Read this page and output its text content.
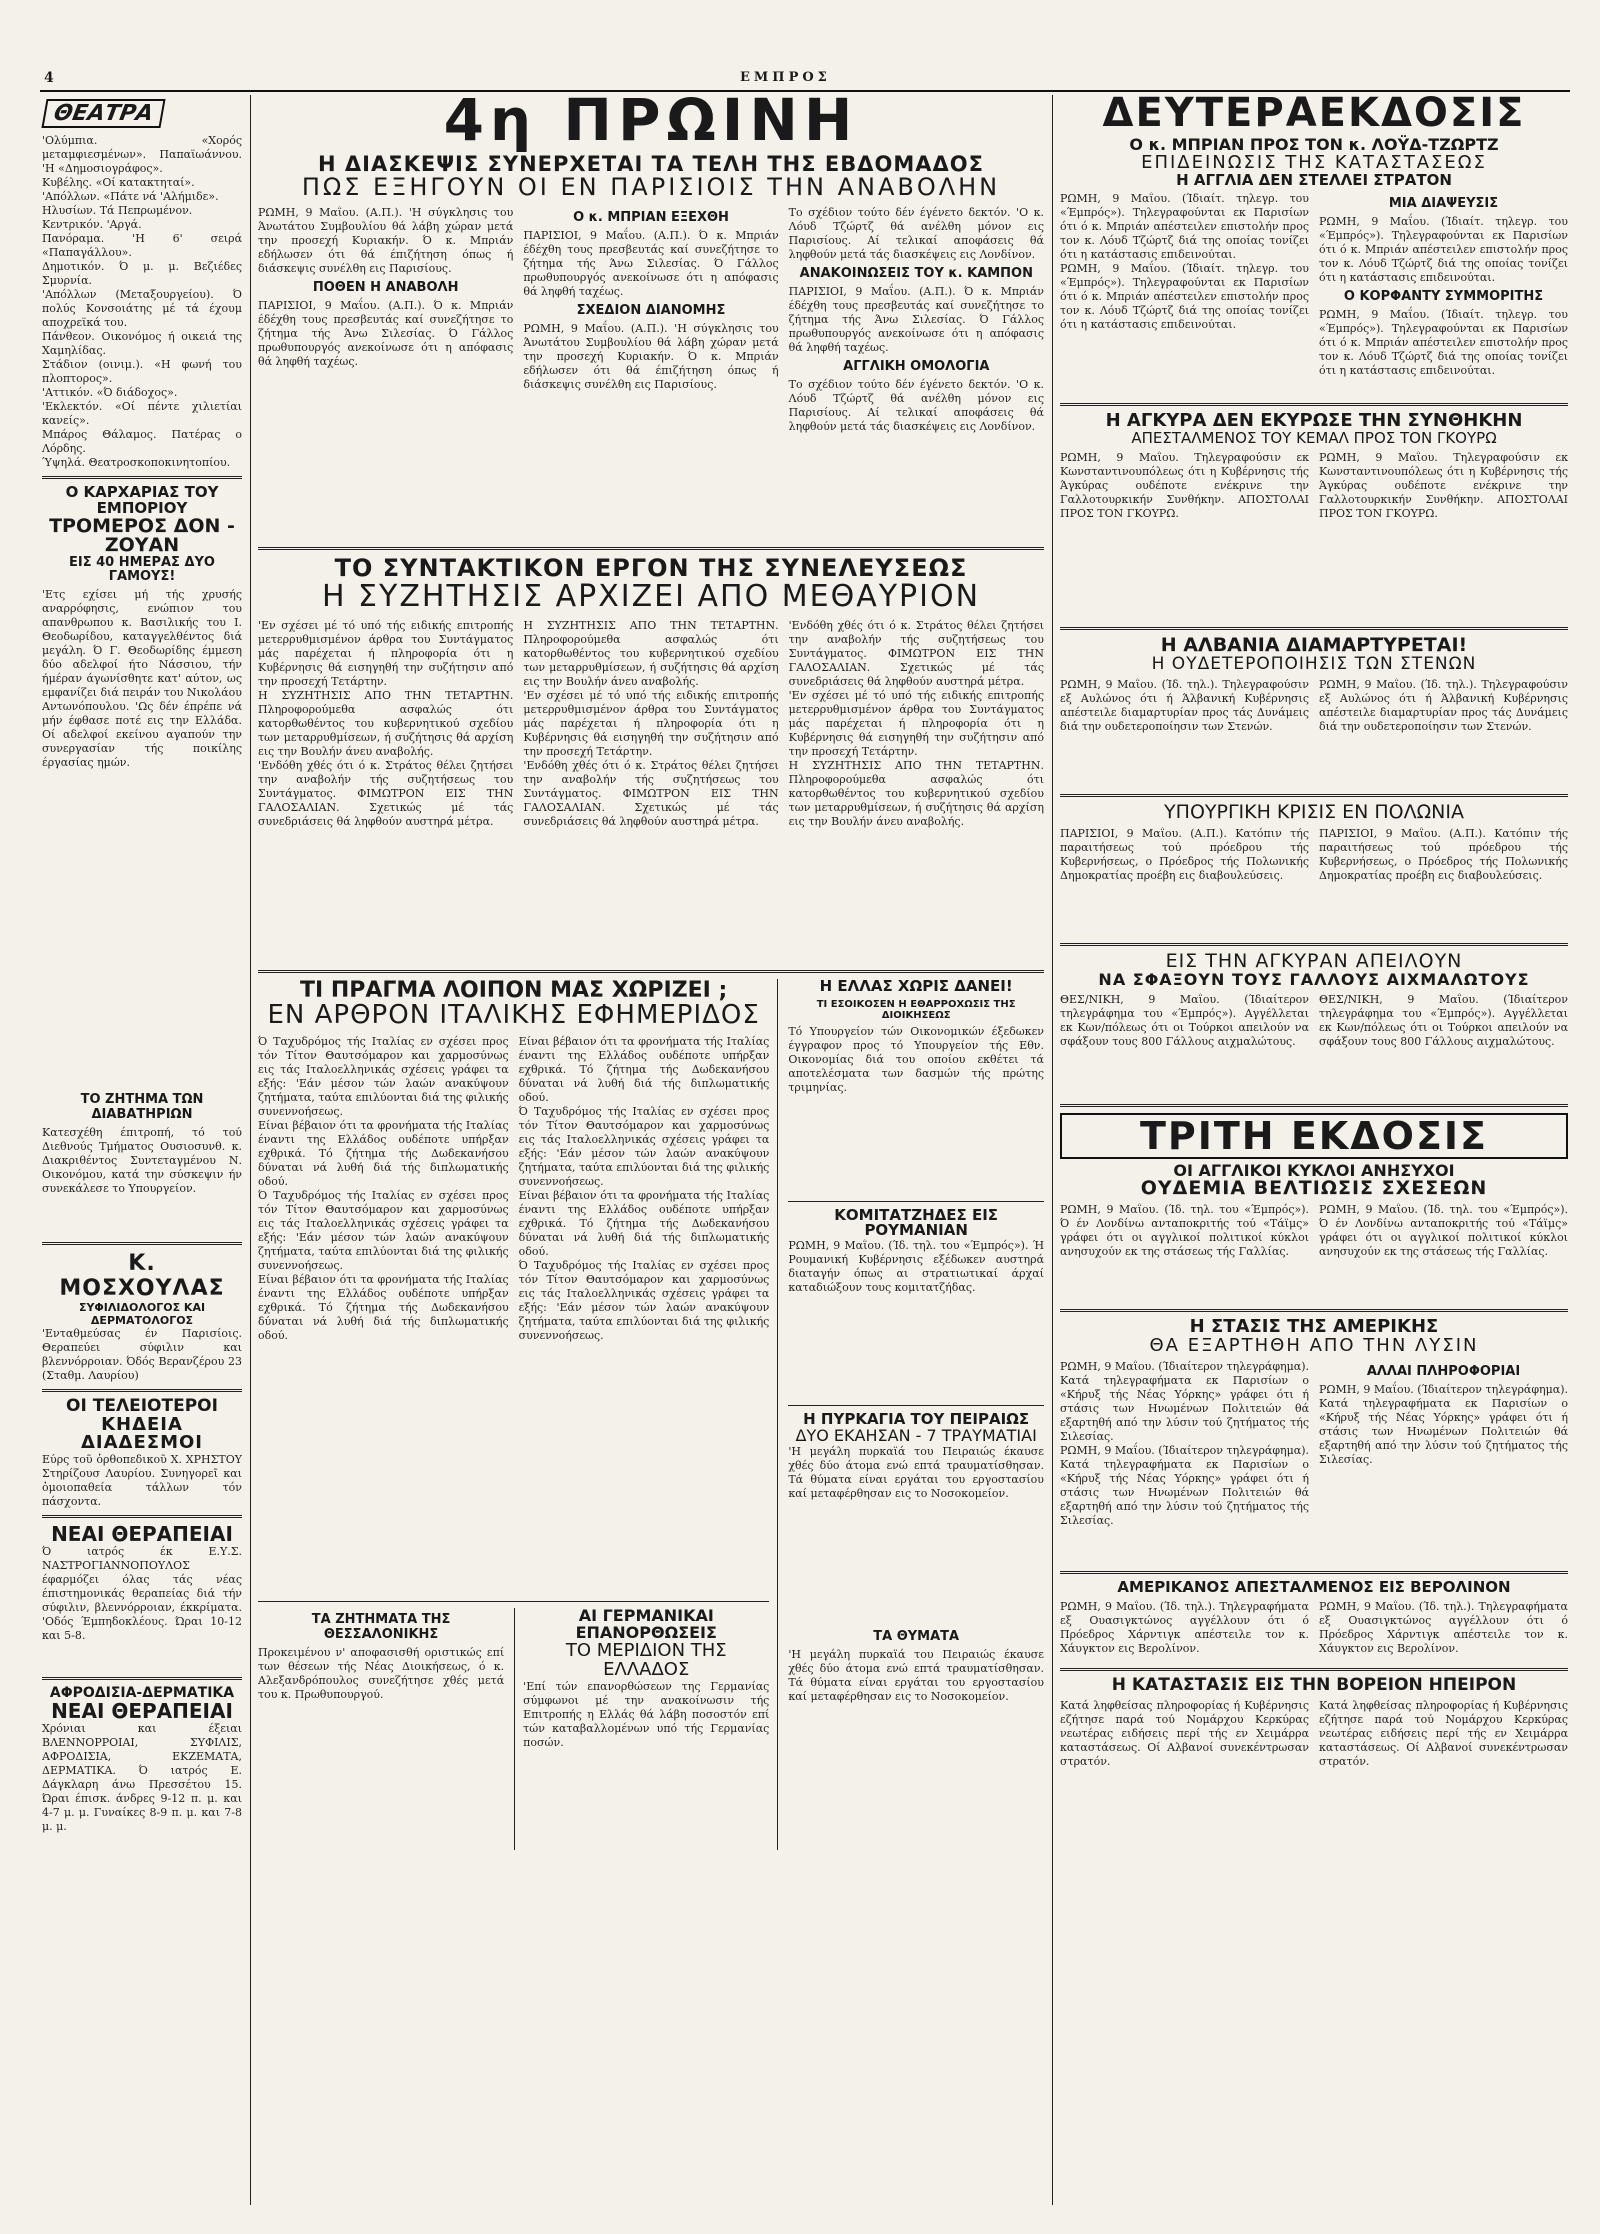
4	ΕΜΠΡΟΣ
ΘΕΑΤΡΑ
'Ολύμπια. «Χορός μεταμφιεσμένων». Παπαϊωάννου. 'Η «Δημοσιογράφος».
Κυβέλης. «Οί κατακτηταί».
'Απόλλων. «Πάτε νά 'Αλήμιδε».
Ηλυσίων. Τά Πεπρωμένον.
Κεντρικόν. 'Αργά.
Πανόραμα. 'Η 6' σειρά «Παπαγάλλου».
Δημοτικόν. Ό μ. μ. Βεζιέδες Σμυρνία.
'Απόλλων (Μεταξουργείου). Ό πολύς Κονσοιάτης μέ τά έχουμ αποχρεϊκά του.
Πάνθεον. Οικονόμος ή οικειά της Χαμηλίδας.
Στάδιον (οινιμ.). «Η φωνή του πλοπτορος».
'Αττικόν. «Ό διάδοχος».
'Εκλεκτόν. «Οί πέντε χιλιετίαι κανείς».
Μπάρος Θάλαμος. Πατέρας ο Λόρδης.
Ύψηλά. Θεατροσκοποκινητοπίου.
Ο ΚΑΡΧΑΡΙΑΣ ΤΟΥ ΕΜΠΟΡΙΟΥ
ΤΡΟΜΕΡΟΣ ΔΟΝ - ΖΟΥΑΝ
ΕΙΣ 40 ΗΜΕΡΑΣ ΔΥΟ ΓΑΜΟΥΣ!
'Ετς εχίσει μή τής χρυσής αναρρόφησις, ενώπιον του απανθρωπου κ. Βασιλικής του Ι. Θεοδωρίδου, καταγγελθέντος διά μεγάλη. Ό Γ. Θεοδωρίδης έμμεση δύο αδελφοί ήτο Νάσσιου, τήν ήμέραν άγωνίσθητε κατ' αύτον, ως εμφανίζει διά πειράν του Νικολάου Αντωνόπουλου. 'Ως δέν έπρέπε νά μήν έφθασε ποτέ εις την Ελλάδα. Οί αδελφοί εκείνου αγαπούν την συνεργασίαν τής ποικίλης έργασίας ημών.
ΤΟ ΖΗΤΗΜΑ ΤΩΝ ΔΙΑΒΑΤΗΡΙΩΝ
Κατεσχέθη έπιτροπή, τό τού Διεθνούς Τμήματος Ουσιοσυνθ. κ. Διακριθέντος Συντεταγμένου Ν. Οικονόμου, κατά την σύσκεψιν ήν συνεκάλεσε το Υπουργείον.
Κ. ΜΟΣΧΟΥΛΑΣ
ΣΥΦΙΛΙΔΟΛΟΓΟΣ ΚΑΙ ΔΕΡΜΑΤΟΛΟΓΟΣ
'Ενταθμεύσας έν Παρισίοις. Θεραπεύει σύφιλιν και βλεννόρροιαν. Όδός Βερανζέρου 23 (Σταθμ. Λαυρίου)
ΟΙ ΤΕΛΕΙΟΤΕΡΟΙ
ΚΗΔΕΙΑ ΔΙΑΔΕΣΜΟΙ
Εύρς τοῦ ὀρθοπεδικοῦ Χ. ΧΡΗΣΤΟΥ Στηρίζουσ Λαυρίου. Συνηγορεῖ και ὁμοιοπαθεία τάλλων τόν πάσχοντα.
ΝΕΑΙ ΘΕΡΑΠΕΙΑΙ
Ό ιατρός έκ Ε.Υ.Σ. ΝΑΣΤΡΟΓΙΑΝΝΟΠΟΥΛΟΣ έφαρμόζει όλας τάς νέας έπιστημονικάς θεραπείας διά τήν σύφιλιν, βλεννόρροιαν, έκκρίματα. 'Οδός Έμπηδοκλέους. Ώραι 10-12 και 5-8.
ΑΦΡΟΔΙΣΙΑ-ΔΕΡΜΑΤΙΚΑ
ΝΕΑΙ ΘΕΡΑΠΕΙΑΙ
Χρόνιαι και έξειαι ΒΛΕΝΝΟΡΡΟΙΑΙ, ΣΥΦΙΛΙΣ, ΑΦΡΟΔΙΣΙΑ, ΕΚΖΕΜΑΤΑ, ΔΕΡΜΑΤΙΚΑ. Ό ιατρός Ε. Δάγκλαρη άνω Πρεσσέτου 15. Ώραι έπισκ. άνδρες 9-12 π. μ. και 4-7 μ. μ. Γυναίκες 8-9 π. μ. και 7-8 μ. μ.
4η ΠΡΩΙΝΗ
Η ΔΙΑΣΚΕΨΙΣ ΣΥΝΕΡΧΕΤΑΙ ΤΑ ΤΕΛΗ ΤΗΣ ΕΒΔΟΜΑΔΟΣ
ΠΩΣ ΕΞΗΓΟΥΝ ΟΙ ΕΝ ΠΑΡΙΣΙΟΙΣ ΤΗΝ ΑΝΑΒΟΛΗΝ
ΡΩΜΗ, 9 Μαΐου. (Α.Π.). 'Η σύγκλησις του Άνωτάτου Συμβουλίου θά λάβη χώραν μετά την προσεχή Κυριακήν. Ό κ. Μπριάν εδήλωσεν ότι θά έπιζήτηση όπως ή διάσκεψις συνέλθη εις Παρισίους.
ΠΟΘΕΝ Η ΑΝΑΒΟΛΗ
ΠΑΡΙΣΙΟΙ, 9 Μαΐου. (Α.Π.). Ό κ. Μπριάν έδέχθη τους πρεσβευτάς καί συνεζήτησε το ζήτημα τής Άνω Σιλεσίας. Ό Γάλλος πρωθυπουργός ανεκοίνωσε ότι η απόφασις θά ληφθή ταχέως.
Ο κ. ΜΠΡΙΑΝ ΕΞΕΧΘΗ
ΠΑΡΙΣΙΟΙ, 9 Μαΐου. (Α.Π.). Ό κ. Μπριάν έδέχθη τους πρεσβευτάς καί συνεζήτησε το ζήτημα τής Άνω Σιλεσίας. Ό Γάλλος πρωθυπουργός ανεκοίνωσε ότι η απόφασις θά ληφθή ταχέως.
ΣΧΕΔΙΟΝ ΔΙΑΝΟΜΗΣ
ΡΩΜΗ, 9 Μαΐου. (Α.Π.). 'Η σύγκλησις του Άνωτάτου Συμβουλίου θά λάβη χώραν μετά την προσεχή Κυριακήν. Ό κ. Μπριάν εδήλωσεν ότι θά έπιζήτηση όπως ή διάσκεψις συνέλθη εις Παρισίους.
Το σχέδιον τούτο δέν έγένετο δεκτόν. 'Ο κ. Λόυδ Τζώρτζ θά ανέλθη μόνον εις Παρισίους. Αί τελικαί αποφάσεις θά ληφθούν μετά τάς διασκέψεις εις Λονδίνον.
ΑΝΑΚΟΙΝΩΣΕΙΣ ΤΟΥ κ. ΚΑΜΠΟΝ
ΠΑΡΙΣΙΟΙ, 9 Μαΐου. (Α.Π.). Ό κ. Μπριάν έδέχθη τους πρεσβευτάς καί συνεζήτησε το ζήτημα τής Άνω Σιλεσίας. Ό Γάλλος πρωθυπουργός ανεκοίνωσε ότι η απόφασις θά ληφθή ταχέως.
ΑΓΓΛΙΚΗ ΟΜΟΛΟΓΙΑ
Το σχέδιον τούτο δέν έγένετο δεκτόν. 'Ο κ. Λόυδ Τζώρτζ θά ανέλθη μόνον εις Παρισίους. Αί τελικαί αποφάσεις θά ληφθούν μετά τάς διασκέψεις εις Λονδίνον.
ΤΟ ΣΥΝΤΑΚΤΙΚΟΝ ΕΡΓΟΝ ΤΗΣ ΣΥΝΕΛΕΥΣΕΩΣ
Η ΣΥΖΗΤΗΣΙΣ ΑΡΧΙΖΕΙ ΑΠΟ ΜΕΘΑΥΡΙΟΝ
'Εν σχέσει μέ τό υπό τής ειδικής επιτροπής μετερρυθμισμένον άρθρα του Συντάγματος μάς παρέχεται ή πληροφορία ότι η Κυβέρνησις θά εισηγηθή την συζήτησιν από την προσεχή Τετάρτην.
Η ΣΥΖΗΤΗΣΙΣ ΑΠΟ ΤΗΝ ΤΕΤΑΡΤΗΝ. Πληροφορούμεθα ασφαλώς ότι κατορθωθέντος του κυβερνητικού σχεδίου των μεταρρυθμίσεων, ή συζήτησις θά αρχίση εις την Βουλήν άνευ αναβολής.
'Ενδόθη χθές ότι ό κ. Στράτος θέλει ζητήσει την αναβολήν τής συζητήσεως του Συντάγματος. ΦΙΜΩΤΡΟΝ ΕΙΣ ΤΗΝ ΓΑΛΟΣΑΛΙΑΝ. Σχετικώς μέ τάς συνεδριάσεις θά ληφθούν αυστηρά μέτρα.
Η ΣΥΖΗΤΗΣΙΣ ΑΠΟ ΤΗΝ ΤΕΤΑΡΤΗΝ. Πληροφορούμεθα ασφαλώς ότι κατορθωθέντος του κυβερνητικού σχεδίου των μεταρρυθμίσεων, ή συζήτησις θά αρχίση εις την Βουλήν άνευ αναβολής.
'Εν σχέσει μέ τό υπό τής ειδικής επιτροπής μετερρυθμισμένον άρθρα του Συντάγματος μάς παρέχεται ή πληροφορία ότι η Κυβέρνησις θά εισηγηθή την συζήτησιν από την προσεχή Τετάρτην.
'Ενδόθη χθές ότι ό κ. Στράτος θέλει ζητήσει την αναβολήν τής συζητήσεως του Συντάγματος. ΦΙΜΩΤΡΟΝ ΕΙΣ ΤΗΝ ΓΑΛΟΣΑΛΙΑΝ. Σχετικώς μέ τάς συνεδριάσεις θά ληφθούν αυστηρά μέτρα.
'Ενδόθη χθές ότι ό κ. Στράτος θέλει ζητήσει την αναβολήν τής συζητήσεως του Συντάγματος. ΦΙΜΩΤΡΟΝ ΕΙΣ ΤΗΝ ΓΑΛΟΣΑΛΙΑΝ. Σχετικώς μέ τάς συνεδριάσεις θά ληφθούν αυστηρά μέτρα.
'Εν σχέσει μέ τό υπό τής ειδικής επιτροπής μετερρυθμισμένον άρθρα του Συντάγματος μάς παρέχεται ή πληροφορία ότι η Κυβέρνησις θά εισηγηθή την συζήτησιν από την προσεχή Τετάρτην.
Η ΣΥΖΗΤΗΣΙΣ ΑΠΟ ΤΗΝ ΤΕΤΑΡΤΗΝ. Πληροφορούμεθα ασφαλώς ότι κατορθωθέντος του κυβερνητικού σχεδίου των μεταρρυθμίσεων, ή συζήτησις θά αρχίση εις την Βουλήν άνευ αναβολής.
ΤΙ ΠΡΑΓΜΑ ΛΟΙΠΟΝ ΜΑΣ ΧΩΡΙΖΕΙ ;
ΕΝ ΑΡΘΡΟΝ ΙΤΑΛΙΚΗΣ ΕΦΗΜΕΡΙΔΟΣ
Ό Ταχυδρόμος τής Ιταλίας εν σχέσει προς τόν Τίτον Θαυτσόμαρον και χαρμοσύνως εις τάς Ιταλοελληνικάς σχέσεις γράφει τα εξής: 'Εάν μέσον τών λαών ανακύψουν ζητήματα, ταύτα επιλύονται διά της φιλικής συνεννοήσεως.
Είναι βέβαιον ότι τα φρονήματα τής Ιταλίας έναντι της Ελλάδος ουδέποτε υπήρξαν εχθρικά. Τό ζήτημα τής Δωδεκανήσου δύναται νά λυθή διά τής διπλωματικής οδού.
Ό Ταχυδρόμος τής Ιταλίας εν σχέσει προς τόν Τίτον Θαυτσόμαρον και χαρμοσύνως εις τάς Ιταλοελληνικάς σχέσεις γράφει τα εξής: 'Εάν μέσον τών λαών ανακύψουν ζητήματα, ταύτα επιλύονται διά της φιλικής συνεννοήσεως.
Είναι βέβαιον ότι τα φρονήματα τής Ιταλίας έναντι της Ελλάδος ουδέποτε υπήρξαν εχθρικά. Τό ζήτημα τής Δωδεκανήσου δύναται νά λυθή διά τής διπλωματικής οδού.
Είναι βέβαιον ότι τα φρονήματα τής Ιταλίας έναντι της Ελλάδος ουδέποτε υπήρξαν εχθρικά. Τό ζήτημα τής Δωδεκανήσου δύναται νά λυθή διά τής διπλωματικής οδού.
Ό Ταχυδρόμος τής Ιταλίας εν σχέσει προς τόν Τίτον Θαυτσόμαρον και χαρμοσύνως εις τάς Ιταλοελληνικάς σχέσεις γράφει τα εξής: 'Εάν μέσον τών λαών ανακύψουν ζητήματα, ταύτα επιλύονται διά της φιλικής συνεννοήσεως.
Είναι βέβαιον ότι τα φρονήματα τής Ιταλίας έναντι της Ελλάδος ουδέποτε υπήρξαν εχθρικά. Τό ζήτημα τής Δωδεκανήσου δύναται νά λυθή διά τής διπλωματικής οδού.
Ό Ταχυδρόμος τής Ιταλίας εν σχέσει προς τόν Τίτον Θαυτσόμαρον και χαρμοσύνως εις τάς Ιταλοελληνικάς σχέσεις γράφει τα εξής: 'Εάν μέσον τών λαών ανακύψουν ζητήματα, ταύτα επιλύονται διά της φιλικής συνεννοήσεως.
ΤΑ ΖΗΤΗΜΑΤΑ ΤΗΣ ΘΕΣΣΑΛΟΝΙΚΗΣ
Προκειμένου ν' αποφασισθή οριστικώς επί των θέσεων τής Νέας Διοικήσεως, ό κ. Αλεξανδρόπουλος συνεζήτησε χθές μετά του κ. Πρωθυπουργού.
ΑΙ ΓΕΡΜΑΝΙΚΑΙ ΕΠΑΝΟΡΘΩΣΕΙΣ
ΤΟ ΜΕΡΙΔΙΟΝ ΤΗΣ ΕΛΛΑΔΟΣ
'Επί τών επανορθώσεων της Γερμανίας σύμφωνοι μέ την ανακοίνωσιν τής Επιτροπής η Ελλάς θά λάβη ποσοστόν επί τών καταβαλλομένων υπό τής Γερμανίας ποσών.
Η ΕΛΛΑΣ ΧΩΡΙΣ ΔΑΝΕΙ!
ΤΙ ΕΣΟΙΚΟΣΕΝ Η ΕΘΑΡΡΟΧΩΣΙΣ ΤΗΣ ΔΙΟΙΚΗΣΕΩΣ
Τό Υπουργείον τών Οικονομικών έξεδωκεν έγγραφον προς τό Υπουργείον τής Εθν. Οικονομίας διά του οποίου εκθέτει τά αποτελέσματα των δασμών τής πρώτης τριμηνίας.
ΚΟΜΙΤΑΤΖΗΔΕΣ ΕΙΣ ΡΟΥΜΑΝΙΑΝ
ΡΩΜΗ, 9 Μαΐου. (Ίδ. τηλ. του «Έμπρός»). Ή Ρουμανική Κυβέρνησις εξέδωκεν αυστηρά διαταγήν όπως αι στρατιωτικαί άρχαί καταδιώξουν τους κομιτατζήδας.
Η ΠΥΡΚΑΓΙΑ ΤΟΥ ΠΕΙΡΑΙΩΣ
ΔΥΟ ΕΚΑΗΣΑΝ - 7 ΤΡΑΥΜΑΤΙΑΙ
'Η μεγάλη πυρκαϊά του Πειραιώς έκαυσε χθές δύο άτομα ενώ επτά τραυματίσθησαν. Τά θύματα είναι εργάται του εργοστασίου καί μεταφέρθησαν εις το Νοσοκομείον.
ΤΑ ΘΥΜΑΤΑ
'Η μεγάλη πυρκαϊά του Πειραιώς έκαυσε χθές δύο άτομα ενώ επτά τραυματίσθησαν. Τά θύματα είναι εργάται του εργοστασίου καί μεταφέρθησαν εις το Νοσοκομείον.
ΔΕΥΤΕΡΑΕΚΔΟΣΙΣ
Ο κ. ΜΠΡΙΑΝ ΠΡΟΣ ΤΟΝ κ. ΛΟΫΔ-ΤΖΩΡΤΖ
ΕΠΙΔΕΙΝΩΣΙΣ ΤΗΣ ΚΑΤΑΣΤΑΣΕΩΣ
Η ΑΓΓΛΙΑ ΔΕΝ ΣΤΕΛΛΕΙ ΣΤΡΑΤΟΝ
ΡΩΜΗ, 9 Μαΐου. (Ίδιαίτ. τηλεγρ. του «Έμπρός»). Τηλεγραφούνται εκ Παρισίων ότι ό κ. Μπριάν απέστειλεν επιστολήν προς τον κ. Λόυδ Τζώρτζ διά της οποίας τονίζει ότι η κατάστασις επιδεινούται.
ΡΩΜΗ, 9 Μαΐου. (Ίδιαίτ. τηλεγρ. του «Έμπρός»). Τηλεγραφούνται εκ Παρισίων ότι ό κ. Μπριάν απέστειλεν επιστολήν προς τον κ. Λόυδ Τζώρτζ διά της οποίας τονίζει ότι η κατάστασις επιδεινούται.
ΜΙΑ ΔΙΑΨΕΥΣΙΣ
ΡΩΜΗ, 9 Μαΐου. (Ίδιαίτ. τηλεγρ. του «Έμπρός»). Τηλεγραφούνται εκ Παρισίων ότι ό κ. Μπριάν απέστειλεν επιστολήν προς τον κ. Λόυδ Τζώρτζ διά της οποίας τονίζει ότι η κατάστασις επιδεινούται.
Ο ΚΟΡΦΑΝΤΥ ΣΥΜΜΟΡΙΤΗΣ
ΡΩΜΗ, 9 Μαΐου. (Ίδιαίτ. τηλεγρ. του «Έμπρός»). Τηλεγραφούνται εκ Παρισίων ότι ό κ. Μπριάν απέστειλεν επιστολήν προς τον κ. Λόυδ Τζώρτζ διά της οποίας τονίζει ότι η κατάστασις επιδεινούται.
Η ΑΓΚΥΡΑ ΔΕΝ ΕΚΥΡΩΣΕ ΤΗΝ ΣΥΝΘΗΚΗΝ
ΑΠΕΣΤΑΛΜΕΝΟΣ ΤΟΥ ΚΕΜΑΛ ΠΡΟΣ ΤΟΝ ΓΚΟΥΡΩ
ΡΩΜΗ, 9 Μαΐου. Τηλεγραφούσιν εκ Κωνσταντινουπόλεως ότι η Κυβέρνησις τής Άγκύρας ουδέποτε ενέκρινε την Γαλλοτουρκικήν Συνθήκην. ΑΠΟΣΤΟΛΑΙ ΠΡΟΣ ΤΟΝ ΓΚΟΥΡΩ.
ΡΩΜΗ, 9 Μαΐου. Τηλεγραφούσιν εκ Κωνσταντινουπόλεως ότι η Κυβέρνησις τής Άγκύρας ουδέποτε ενέκρινε την Γαλλοτουρκικήν Συνθήκην. ΑΠΟΣΤΟΛΑΙ ΠΡΟΣ ΤΟΝ ΓΚΟΥΡΩ.
Η ΑΛΒΑΝΙΑ ΔΙΑΜΑΡΤΥΡΕΤΑΙ!
Η ΟΥΔΕΤΕΡΟΠΟΙΗΣΙΣ ΤΩΝ ΣΤΕΝΩΝ
ΡΩΜΗ, 9 Μαΐου. (Ίδ. τηλ.). Τηλεγραφούσιν εξ Αυλώνος ότι ή Άλβανική Κυβέρνησις απέστειλε διαμαρτυρίαν προς τάς Δυνάμεις διά την ουδετεροποίησιν των Στενών.
ΡΩΜΗ, 9 Μαΐου. (Ίδ. τηλ.). Τηλεγραφούσιν εξ Αυλώνος ότι ή Άλβανική Κυβέρνησις απέστειλε διαμαρτυρίαν προς τάς Δυνάμεις διά την ουδετεροποίησιν των Στενών.
ΥΠΟΥΡΓΙΚΗ ΚΡΙΣΙΣ ΕΝ ΠΟΛΩΝΙΑ
ΠΑΡΙΣΙΟΙ, 9 Μαΐου. (Α.Π.). Κατόπιν τής παραιτήσεως τού πρόεδρου τής Κυβερνήσεως, ο Πρόεδρος τής Πολωνικής Δημοκρατίας προέβη εις διαβουλεύσεις.
ΠΑΡΙΣΙΟΙ, 9 Μαΐου. (Α.Π.). Κατόπιν τής παραιτήσεως τού πρόεδρου τής Κυβερνήσεως, ο Πρόεδρος τής Πολωνικής Δημοκρατίας προέβη εις διαβουλεύσεις.
ΕΙΣ ΤΗΝ ΑΓΚΥΡΑΝ ΑΠΕΙΛΟΥΝ
ΝΑ ΣΦΑΞΟΥΝ ΤΟΥΣ ΓΑΛΛΟΥΣ ΑΙΧΜΑΛΩΤΟΥΣ
ΘΕΣ/ΝΙΚΗ, 9 Μαΐου. (Ίδιαίτερον τηλεγράφημα του «Έμπρός»). Αγγέλλεται εκ Κων/πόλεως ότι οι Τούρκοι απειλούν να σφάξουν τους 800 Γάλλους αιχμαλώτους.
ΘΕΣ/ΝΙΚΗ, 9 Μαΐου. (Ίδιαίτερον τηλεγράφημα του «Έμπρός»). Αγγέλλεται εκ Κων/πόλεως ότι οι Τούρκοι απειλούν να σφάξουν τους 800 Γάλλους αιχμαλώτους.
ΤΡΙΤΗ ΕΚΔΟΣΙΣ
ΟΙ ΑΓΓΛΙΚΟΙ ΚΥΚΛΟΙ ΑΝΗΣΥΧΟΙ
ΟΥΔΕΜΙΑ ΒΕΛΤΙΩΣΙΣ ΣΧΕΣΕΩΝ
ΡΩΜΗ, 9 Μαΐου. (Ίδ. τηλ. του «Έμπρός»). Ό έν Λονδίνω ανταποκριτής τού «Τάϊμς» γράφει ότι οι αγγλικοί πολιτικοί κύκλοι ανησυχούν εκ της στάσεως τής Γαλλίας.
ΡΩΜΗ, 9 Μαΐου. (Ίδ. τηλ. του «Έμπρός»). Ό έν Λονδίνω ανταποκριτής τού «Τάϊμς» γράφει ότι οι αγγλικοί πολιτικοί κύκλοι ανησυχούν εκ της στάσεως τής Γαλλίας.
Η ΣΤΑΣΙΣ ΤΗΣ ΑΜΕΡΙΚΗΣ
ΘΑ ΕΞΑΡΤΗΘΗ ΑΠΟ ΤΗΝ ΛΥΣΙΝ
ΡΩΜΗ, 9 Μαΐου. (Ίδιαίτερον τηλεγράφημα). Κατά τηλεγραφήματα εκ Παρισίων ο «Κήρυξ τής Νέας Υόρκης» γράφει ότι ή στάσις των Ηνωμένων Πολιτειών θά εξαρτηθή από την λύσιν τού ζητήματος τής Σιλεσίας.
ΡΩΜΗ, 9 Μαΐου. (Ίδιαίτερον τηλεγράφημα). Κατά τηλεγραφήματα εκ Παρισίων ο «Κήρυξ τής Νέας Υόρκης» γράφει ότι ή στάσις των Ηνωμένων Πολιτειών θά εξαρτηθή από την λύσιν τού ζητήματος τής Σιλεσίας.
ΑΛΛΑΙ ΠΛΗΡΟΦΟΡΙΑΙ
ΡΩΜΗ, 9 Μαΐου. (Ίδιαίτερον τηλεγράφημα). Κατά τηλεγραφήματα εκ Παρισίων ο «Κήρυξ τής Νέας Υόρκης» γράφει ότι ή στάσις των Ηνωμένων Πολιτειών θά εξαρτηθή από την λύσιν τού ζητήματος τής Σιλεσίας.
ΑΜΕΡΙΚΑΝΟΣ ΑΠΕΣΤΑΛΜΕΝΟΣ ΕΙΣ ΒΕΡΟΛΙΝΟΝ
ΡΩΜΗ, 9 Μαΐου. (Ίδ. τηλ.). Τηλεγραφήματα εξ Ουασιγκτώνος αγγέλλουν ότι ό Πρόεδρος Χάρντιγκ απέστειλε τον κ. Χάυγκτον εις Βερολίνον.
ΡΩΜΗ, 9 Μαΐου. (Ίδ. τηλ.). Τηλεγραφήματα εξ Ουασιγκτώνος αγγέλλουν ότι ό Πρόεδρος Χάρντιγκ απέστειλε τον κ. Χάυγκτον εις Βερολίνον.
Η ΚΑΤΑΣΤΑΣΙΣ ΕΙΣ ΤΗΝ ΒΟΡΕΙΟΝ ΗΠΕΙΡΟΝ
Κατά ληφθείσας πληροφορίας ή Κυβέρνησις εζήτησε παρά τού Νομάρχου Κερκύρας νεωτέρας ειδήσεις περί τής εν Χειμάρρα καταστάσεως. Οί Αλβανοί συνεκέντρωσαν στρατόν.
Κατά ληφθείσας πληροφορίας ή Κυβέρνησις εζήτησε παρά τού Νομάρχου Κερκύρας νεωτέρας ειδήσεις περί τής εν Χειμάρρα καταστάσεως. Οί Αλβανοί συνεκέντρωσαν στρατόν.
